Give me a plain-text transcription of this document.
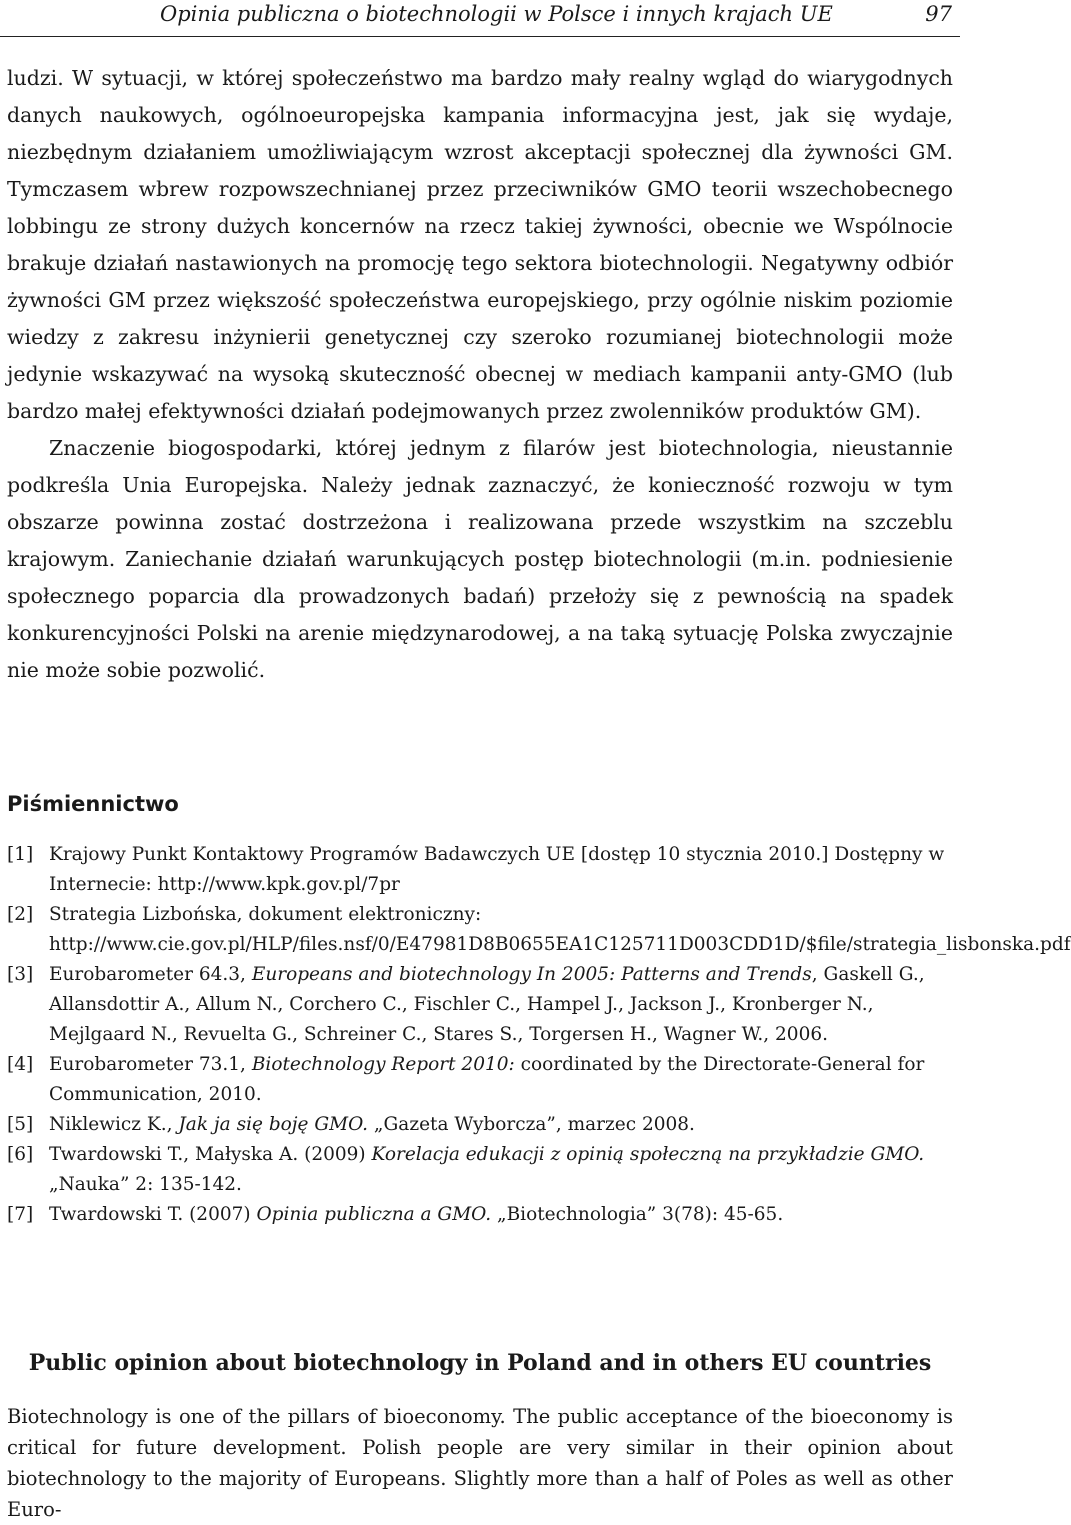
Opinia publiczna o biotechnologii w Polsce i innych krajach UE	97

ludzi. W sytuacji, w której społeczeństwo ma bardzo mały realny wgląd do wiarygodnych danych naukowych, ogólnoeuropejska kampania informacyjna jest, jak się wydaje, niezbędnym działaniem umożliwiającym wzrost akceptacji społecznej dla żywności GM. Tymczasem wbrew rozpowszechnianej przez przeciwników GMO teorii wszechobecnego lobbingu ze strony dużych koncernów na rzecz takiej żywności, obecnie we Wspólnocie brakuje działań nastawionych na promocję tego sektora biotechnologii. Negatywny odbiór żywności GM przez większość społeczeństwa europejskiego, przy ogólnie niskim poziomie wiedzy z zakresu inżynierii genetycznej czy szeroko rozumianej biotechnologii może jedynie wskazywać na wysoką skuteczność obecnej w mediach kampanii anty-GMO (lub bardzo małej efektywności działań podejmowanych przez zwolenników produktów GM).

Znaczenie biogospodarki, której jednym z filarów jest biotechnologia, nieustannie podkreśla Unia Europejska. Należy jednak zaznaczyć, że konieczność rozwoju w tym obszarze powinna zostać dostrzeżona i realizowana przede wszystkim na szczeblu krajowym. Zaniechanie działań warunkujących postęp biotechnologii (m.in. podniesienie społecznego poparcia dla prowadzonych badań) przełoży się z pewnością na spadek konkurencyjności Polski na arenie międzynarodowej, a na taką sytuację Polska zwyczajnie nie może sobie pozwolić.

Piśmiennictwo
[1] Krajowy Punkt Kontaktowy Programów Badawczych UE [dostęp 10 stycznia 2010.] Dostępny w Internecie: http://www.kpk.gov.pl/7pr
[2] Strategia Lizbońska, dokument elektroniczny: http://www.cie.gov.pl/HLP/files.nsf/0/E47981D8B0655EA1C125711D003CDD1D/$file/strategia_lisbonska.pdf
[3] Eurobarometer 64.3, Europeans and biotechnology In 2005: Patterns and Trends, Gaskell G., Allansdottir A., Allum N., Corchero C., Fischler C., Hampel J., Jackson J., Kronberger N., Mejlgaard N., Revuelta G., Schreiner C., Stares S., Torgersen H., Wagner W., 2006.
[4] Eurobarometer 73.1, Biotechnology Report 2010: coordinated by the Directorate-General for Communication, 2010.
[5] Niklewicz K., Jak ja się boję GMO. „Gazeta Wyborcza”, marzec 2008.
[6] Twardowski T., Małyska A. (2009) Korelacja edukacji z opinią społeczną na przykładzie GMO. „Nauka” 2: 135-142.
[7] Twardowski T. (2007) Opinia publiczna a GMO. „Biotechnologia” 3(78): 45-65.
Public opinion about biotechnology in Poland and in others EU countries

Biotechnology is one of the pillars of bioeconomy. The public acceptance of the bioeconomy is critical for future development. Polish people are very similar in their opinion about biotechnology to the majority of Europeans. Slightly more than a half of Poles as well as other Euro-
